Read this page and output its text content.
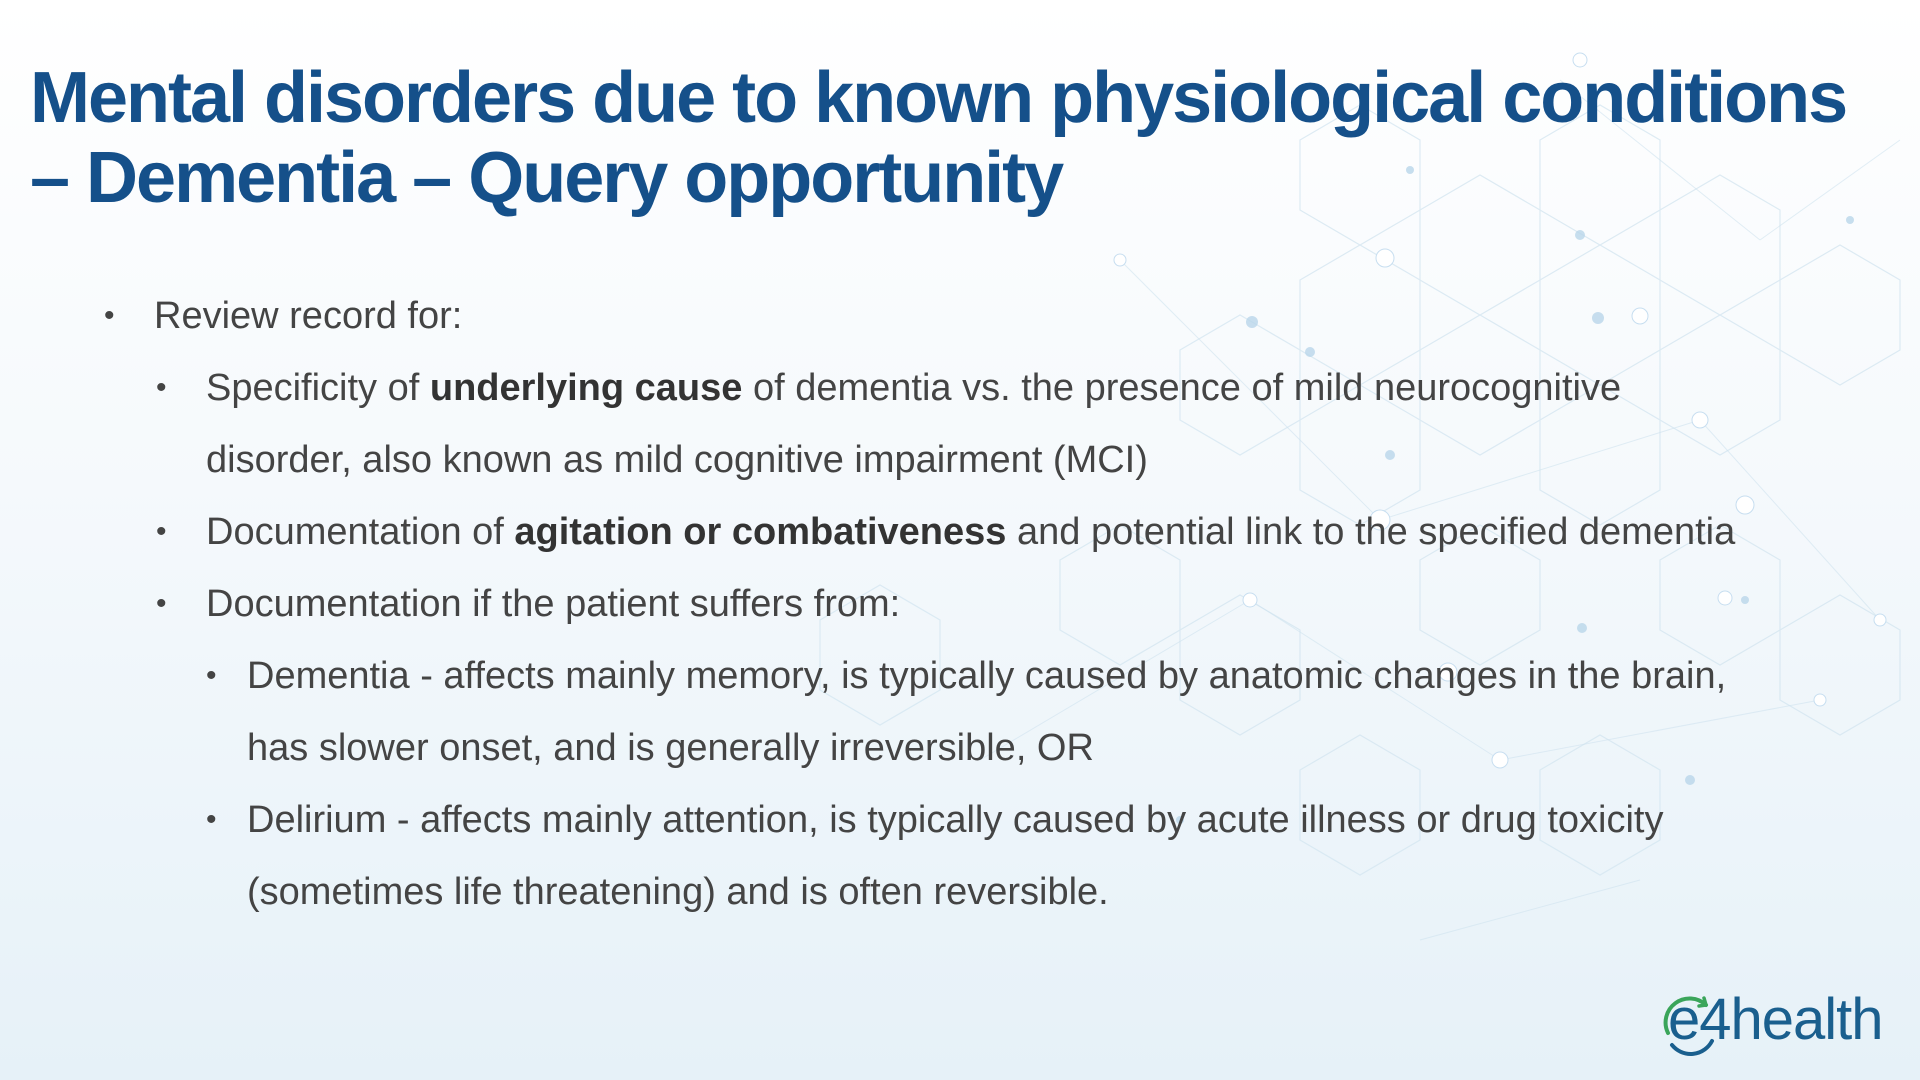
Mental disorders due to known physiological conditions
– Dementia – Query opportunity
• Review record for:
• Specificity of underlying cause of dementia vs. the presence of mild neurocognitive disorder, also known as mild cognitive impairment (MCI)
• Documentation of agitation or combativeness and potential link to the specified dementia
• Documentation if the patient suffers from:
• Dementia - affects mainly memory, is typically caused by anatomic changes in the brain, has slower onset, and is generally irreversible, OR
• Delirium - affects mainly attention, is typically caused by acute illness or drug toxicity (sometimes life threatening) and is often reversible.
e4health
